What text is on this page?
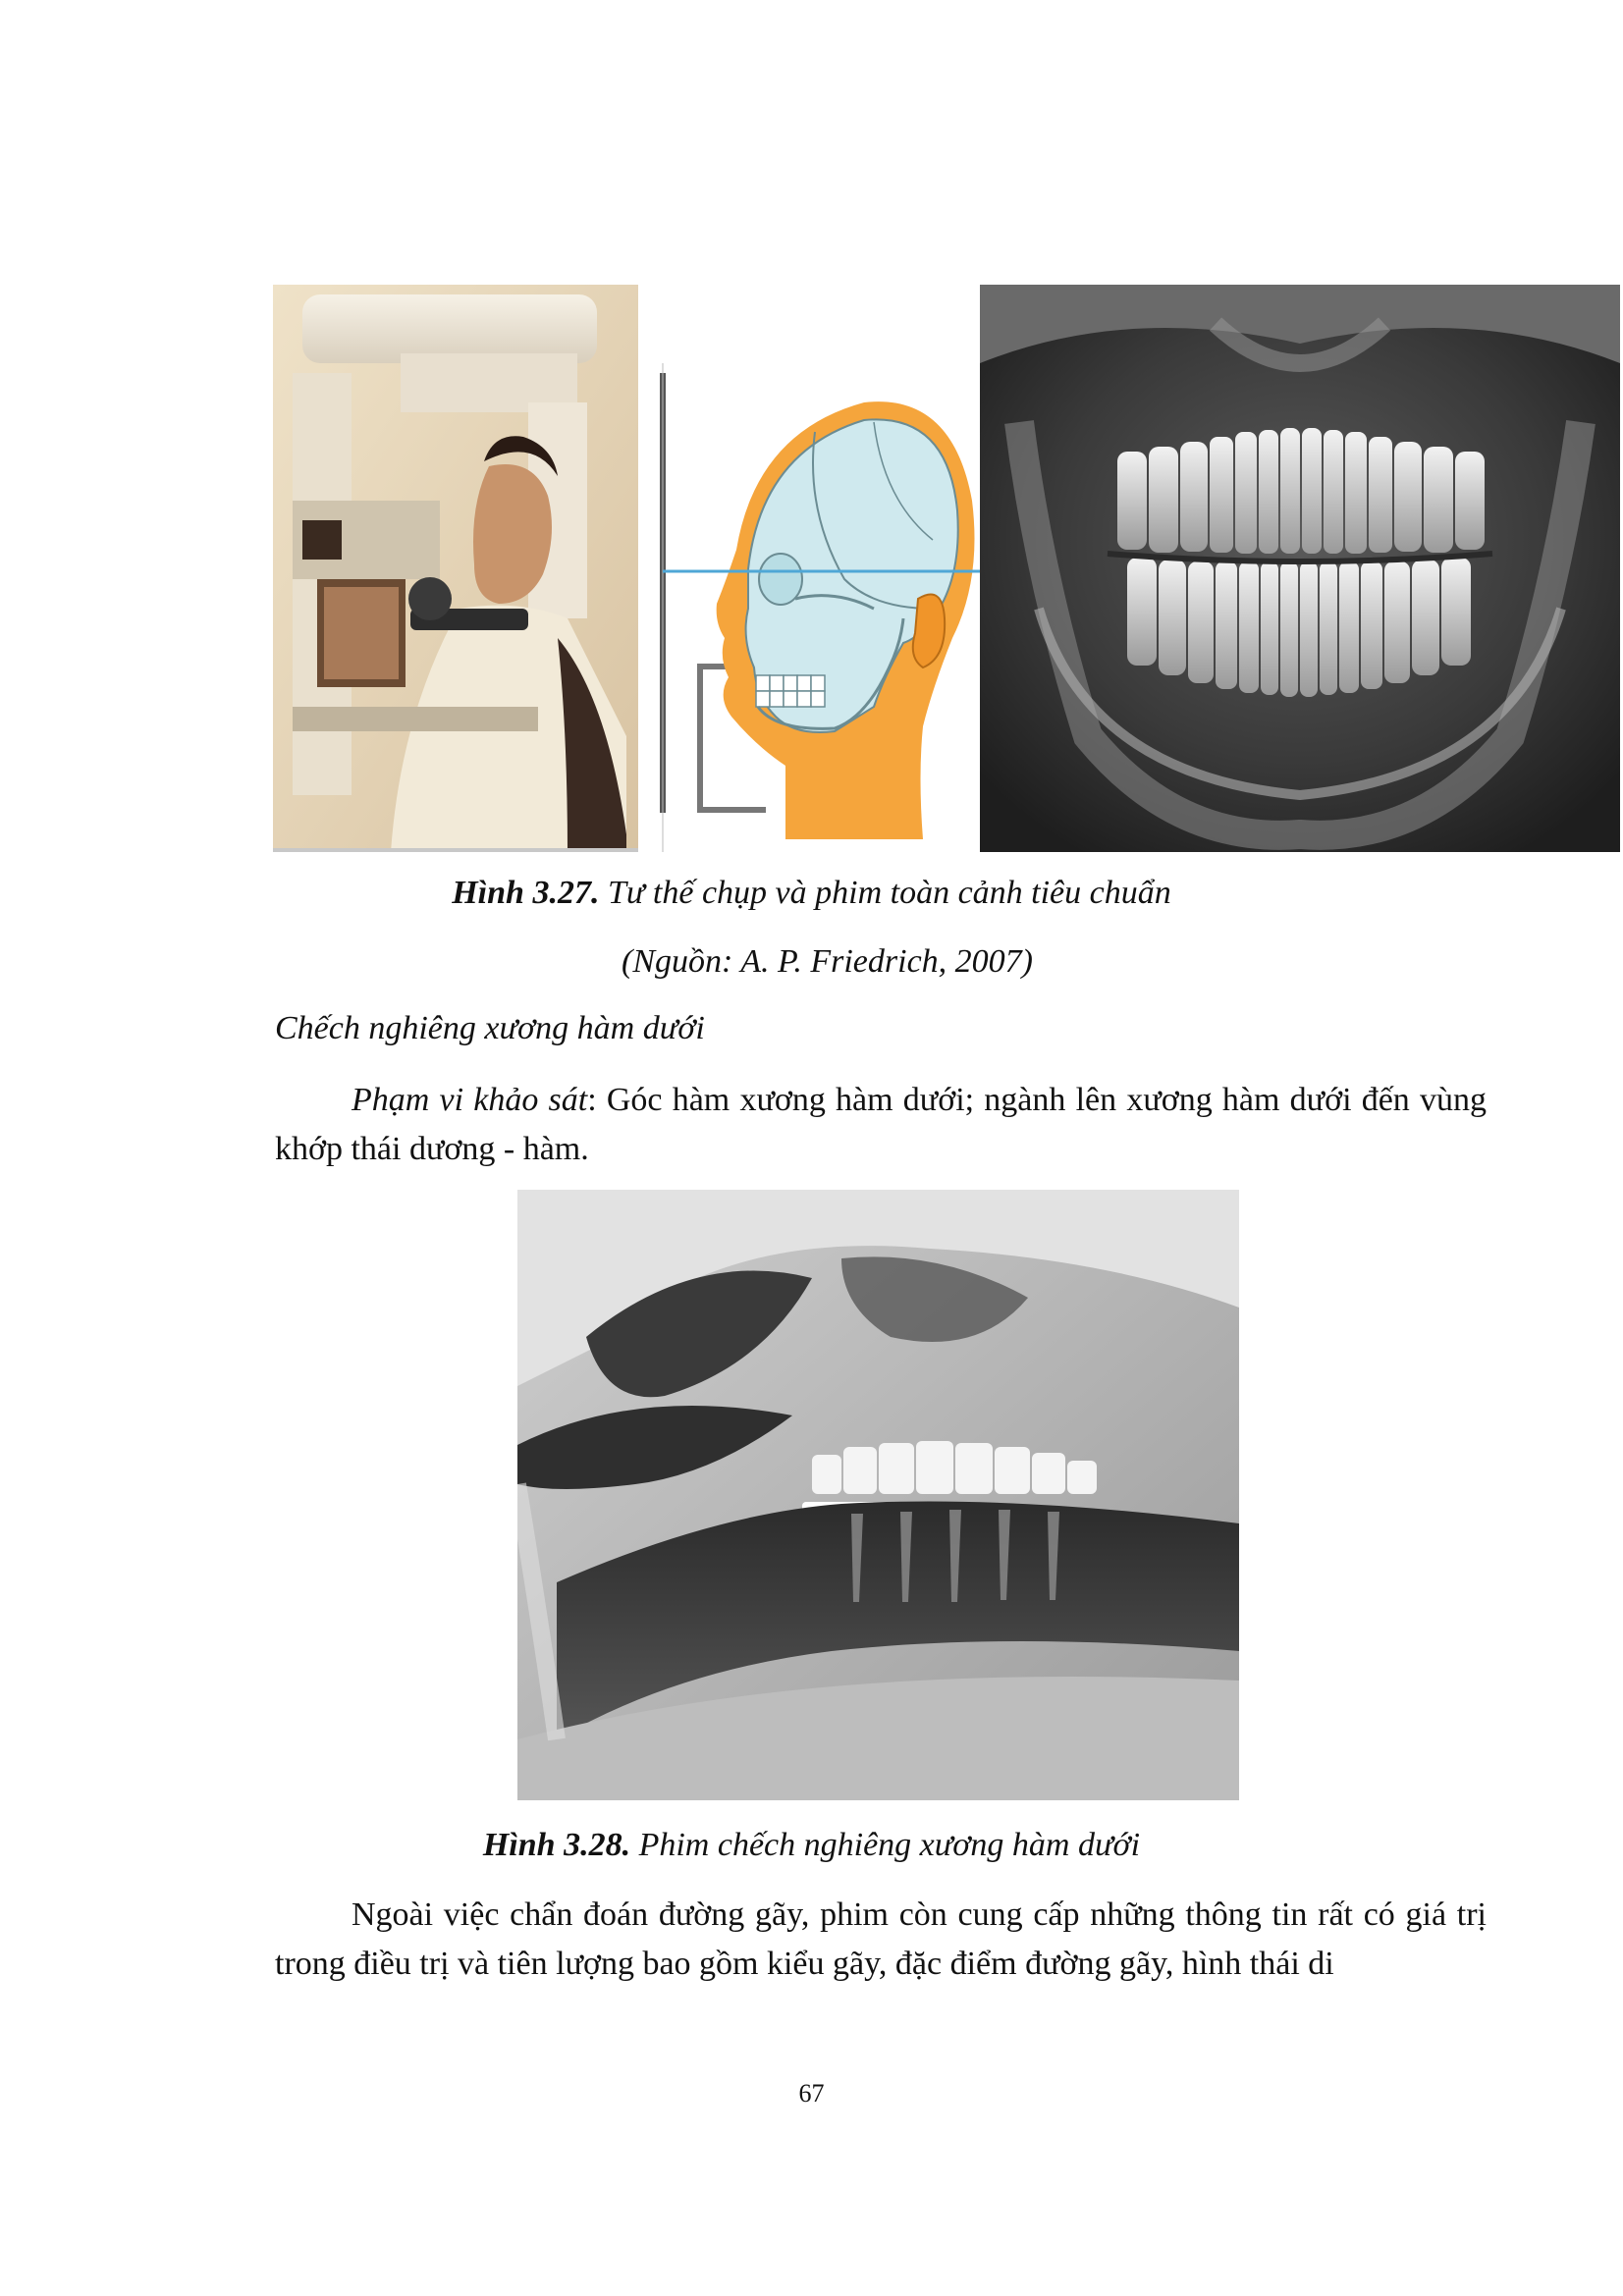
Hình 3.27. Tư thế chụp và phim toàn cảnh tiêu chuẩn
(Nguồn: A. P. Friedrich, 2007)
Chếch nghiêng xương hàm dưới
Phạm vi khảo sát: Góc hàm xương hàm dưới; ngành lên xương hàm dưới đến vùng khớp thái dương - hàm.
Hình 3.28. Phim chếch nghiêng xương hàm dưới
Ngoài việc chẩn đoán đường gãy, phim còn cung cấp những thông tin rất có giá trị trong điều trị và tiên lượng bao gồm kiểu gãy, đặc điểm đường gãy, hình thái di
67
